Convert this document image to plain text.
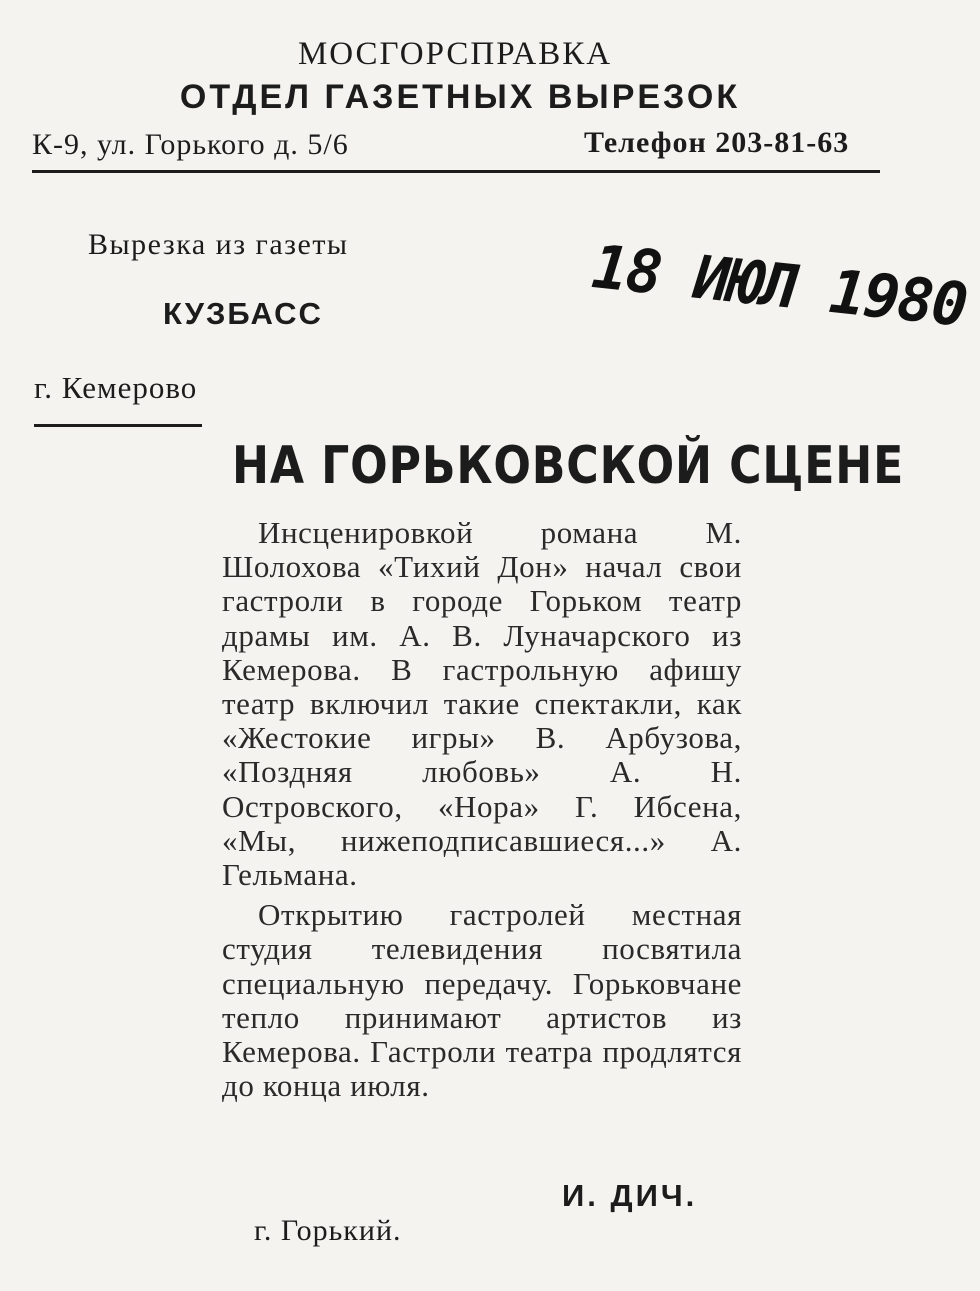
МОСГОРСПРАВКА
ОТДЕЛ ГАЗЕТНЫХ ВЫРЕЗОК
К-9, ул. Горького д. 5/6	Телефон 203-81-63
Вырезка из газеты
КУЗБАСС
г. Кемерово
18 ИЮЛ 1980
НА ГОРЬКОВСКОЙ СЦЕНЕ

Инсценировкой романа М. Шолохова «Тихий Дон» начал свои гастроли в городе Горьком театр драмы им. А. В. Луначарского из Кемерова. В гастрольную афишу театр включил такие спектакли, как «Жестокие игры» В. Арбузова, «Поздняя любовь» А. Н. Островского, «Нора» Г. Ибсена, «Мы, нижеподписавшиеся...» А. Гельмана.

Открытию гастролей местная студия телевидения посвятила специальную передачу. Горьковчане тепло принимают артистов из Кемерова. Гастроли театра продлятся до конца июля.

И. ДИЧ.
г. Горький.
